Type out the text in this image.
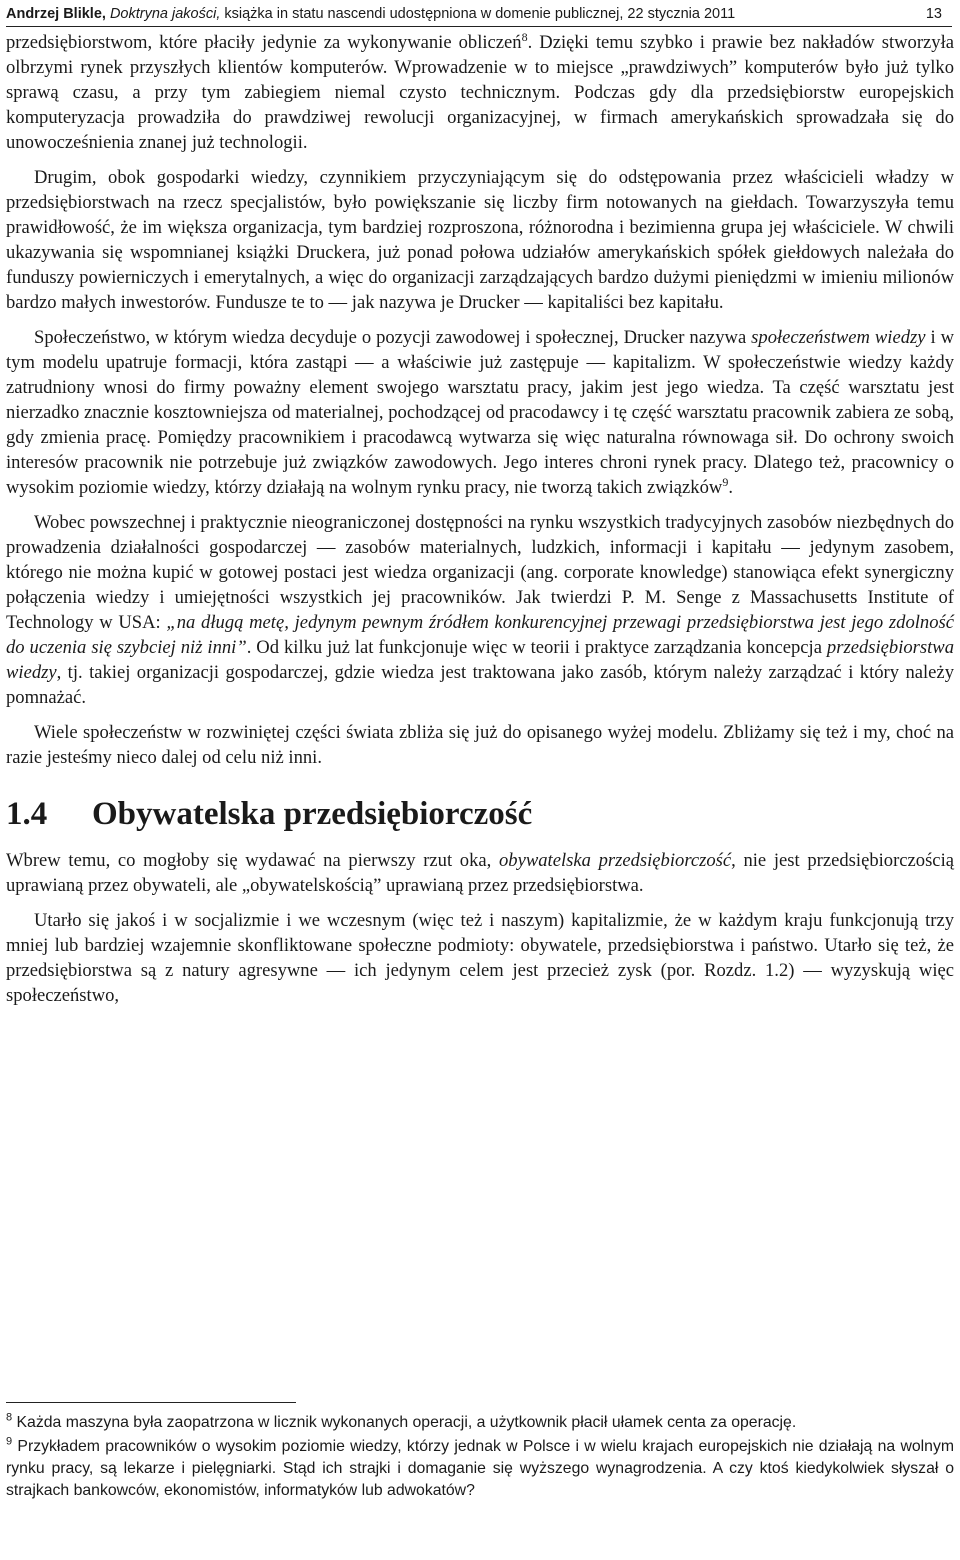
Andrzej Blikle, Doktryna jakości, książka in statu nascendi udostępniona w domenie publicznej, 22 stycznia 2011	13

przedsiębiorstwom, które płaciły jedynie za wykonywanie obliczeń$^8$. Dzięki temu szybko i prawie bez nakładów stworzyła olbrzymi rynek przyszłych klientów komputerów. Wprowadzenie w to miejsce „prawdziwych” komputerów było już tylko sprawą czasu, a przy tym zabiegiem niemal czysto technicznym. Podczas gdy dla przedsiębiorstw europejskich komputeryzacja prowadziła do prawdziwej rewolucji organizacyjnej, w firmach amerykańskich sprowadzała się do unowocześnienia znanej już technologii.

Drugim, obok gospodarki wiedzy, czynnikiem przyczyniającym się do odstępowania przez właścicieli władzy w przedsiębiorstwach na rzecz specjalistów, było powiększanie się liczby firm notowanych na giełdach. Towarzyszyła temu prawidłowość, że im większa organizacja, tym bardziej rozproszona, różnorodna i bezimienna grupa jej właściciele. W chwili ukazywania się wspomnianej książki Druckera, już ponad połowa udziałów amerykańskich spółek giełdowych należała do funduszy powierniczych i emerytalnych, a więc do organizacji zarządzających bardzo dużymi pieniędzmi w imieniu milionów bardzo małych inwestorów. Fundusze te to — jak nazywa je Drucker — kapitaliści bez kapitału.

Społeczeństwo, w którym wiedza decyduje o pozycji zawodowej i społecznej, Drucker nazywa społeczeństwem wiedzy i w tym modelu upatruje formacji, która zastąpi — a właściwie już zastępuje — kapitalizm. W społeczeństwie wiedzy każdy zatrudniony wnosi do firmy poważny element swojego warsztatu pracy, jakim jest jego wiedza. Ta część warsztatu jest nierzadko znacznie kosztowniejsza od materialnej, pochodzącej od pracodawcy i tę część warsztatu pracownik zabiera ze sobą, gdy zmienia pracę. Pomiędzy pracownikiem i pracodawcą wytwarza się więc naturalna równowaga sił. Do ochrony swoich interesów pracownik nie potrzebuje już związków zawodowych. Jego interes chroni rynek pracy. Dlatego też, pracownicy o wysokim poziomie wiedzy, którzy działają na wolnym rynku pracy, nie tworzą takich związków$^9$.

Wobec powszechnej i praktycznie nieograniczonej dostępności na rynku wszystkich tradycyjnych zasobów niezbędnych do prowadzenia działalności gospodarczej — zasobów materialnych, ludzkich, informacji i kapitału — jedynym zasobem, którego nie można kupić w gotowej postaci jest wiedza organizacji (ang. corporate knowledge) stanowiąca efekt synergiczny połączenia wiedzy i umiejętności wszystkich jej pracowników. Jak twierdzi P. M. Senge z Massachusetts Institute of Technology w USA: „na długą metę, jedynym pewnym źródłem konkurencyjnej przewagi przedsiębiorstwa jest jego zdolność do uczenia się szybciej niż inni”. Od kilku już lat funkcjonuje więc w teorii i praktyce zarządzania koncepcja przedsiębiorstwa wiedzy, tj. takiej organizacji gospodarczej, gdzie wiedza jest traktowana jako zasób, którym należy zarządzać i który należy pomnażać.

Wiele społeczeństw w rozwiniętej części świata zbliża się już do opisanego wyżej modelu. Zbliżamy się też i my, choć na razie jesteśmy nieco dalej od celu niż inni.

1.4 Obywatelska przedsiębiorczość

Wbrew temu, co mogłoby się wydawać na pierwszy rzut oka, obywatelska przedsiębiorczość, nie jest przedsiębiorczością uprawianą przez obywateli, ale „obywatelskością” uprawianą przez przedsiębiorstwa.

Utarło się jakoś i w socjalizmie i we wczesnym (więc też i naszym) kapitalizmie, że w każdym kraju funkcjonują trzy mniej lub bardziej wzajemnie skonfliktowane społeczne podmioty: obywatele, przedsiębiorstwa i państwo. Utarło się też, że przedsiębiorstwa są z natury agresywne — ich jedynym celem jest przecież zysk (por. Rozdz. 1.2) — wyzyskują więc społeczeństwo,

$^8$ Każda maszyna była zaopatrzona w licznik wykonanych operacji, a użytkownik płacił ułamek centa za operację.

$^9$ Przykładem pracowników o wysokim poziomie wiedzy, którzy jednak w Polsce i w wielu krajach europejskich nie działają na wolnym rynku pracy, są lekarze i pielęgniarki. Stąd ich strajki i domaganie się wyższego wynagrodzenia. A czy ktoś kiedykolwiek słyszał o strajkach bankowców, ekonomistów, informatyków lub adwokatów?
